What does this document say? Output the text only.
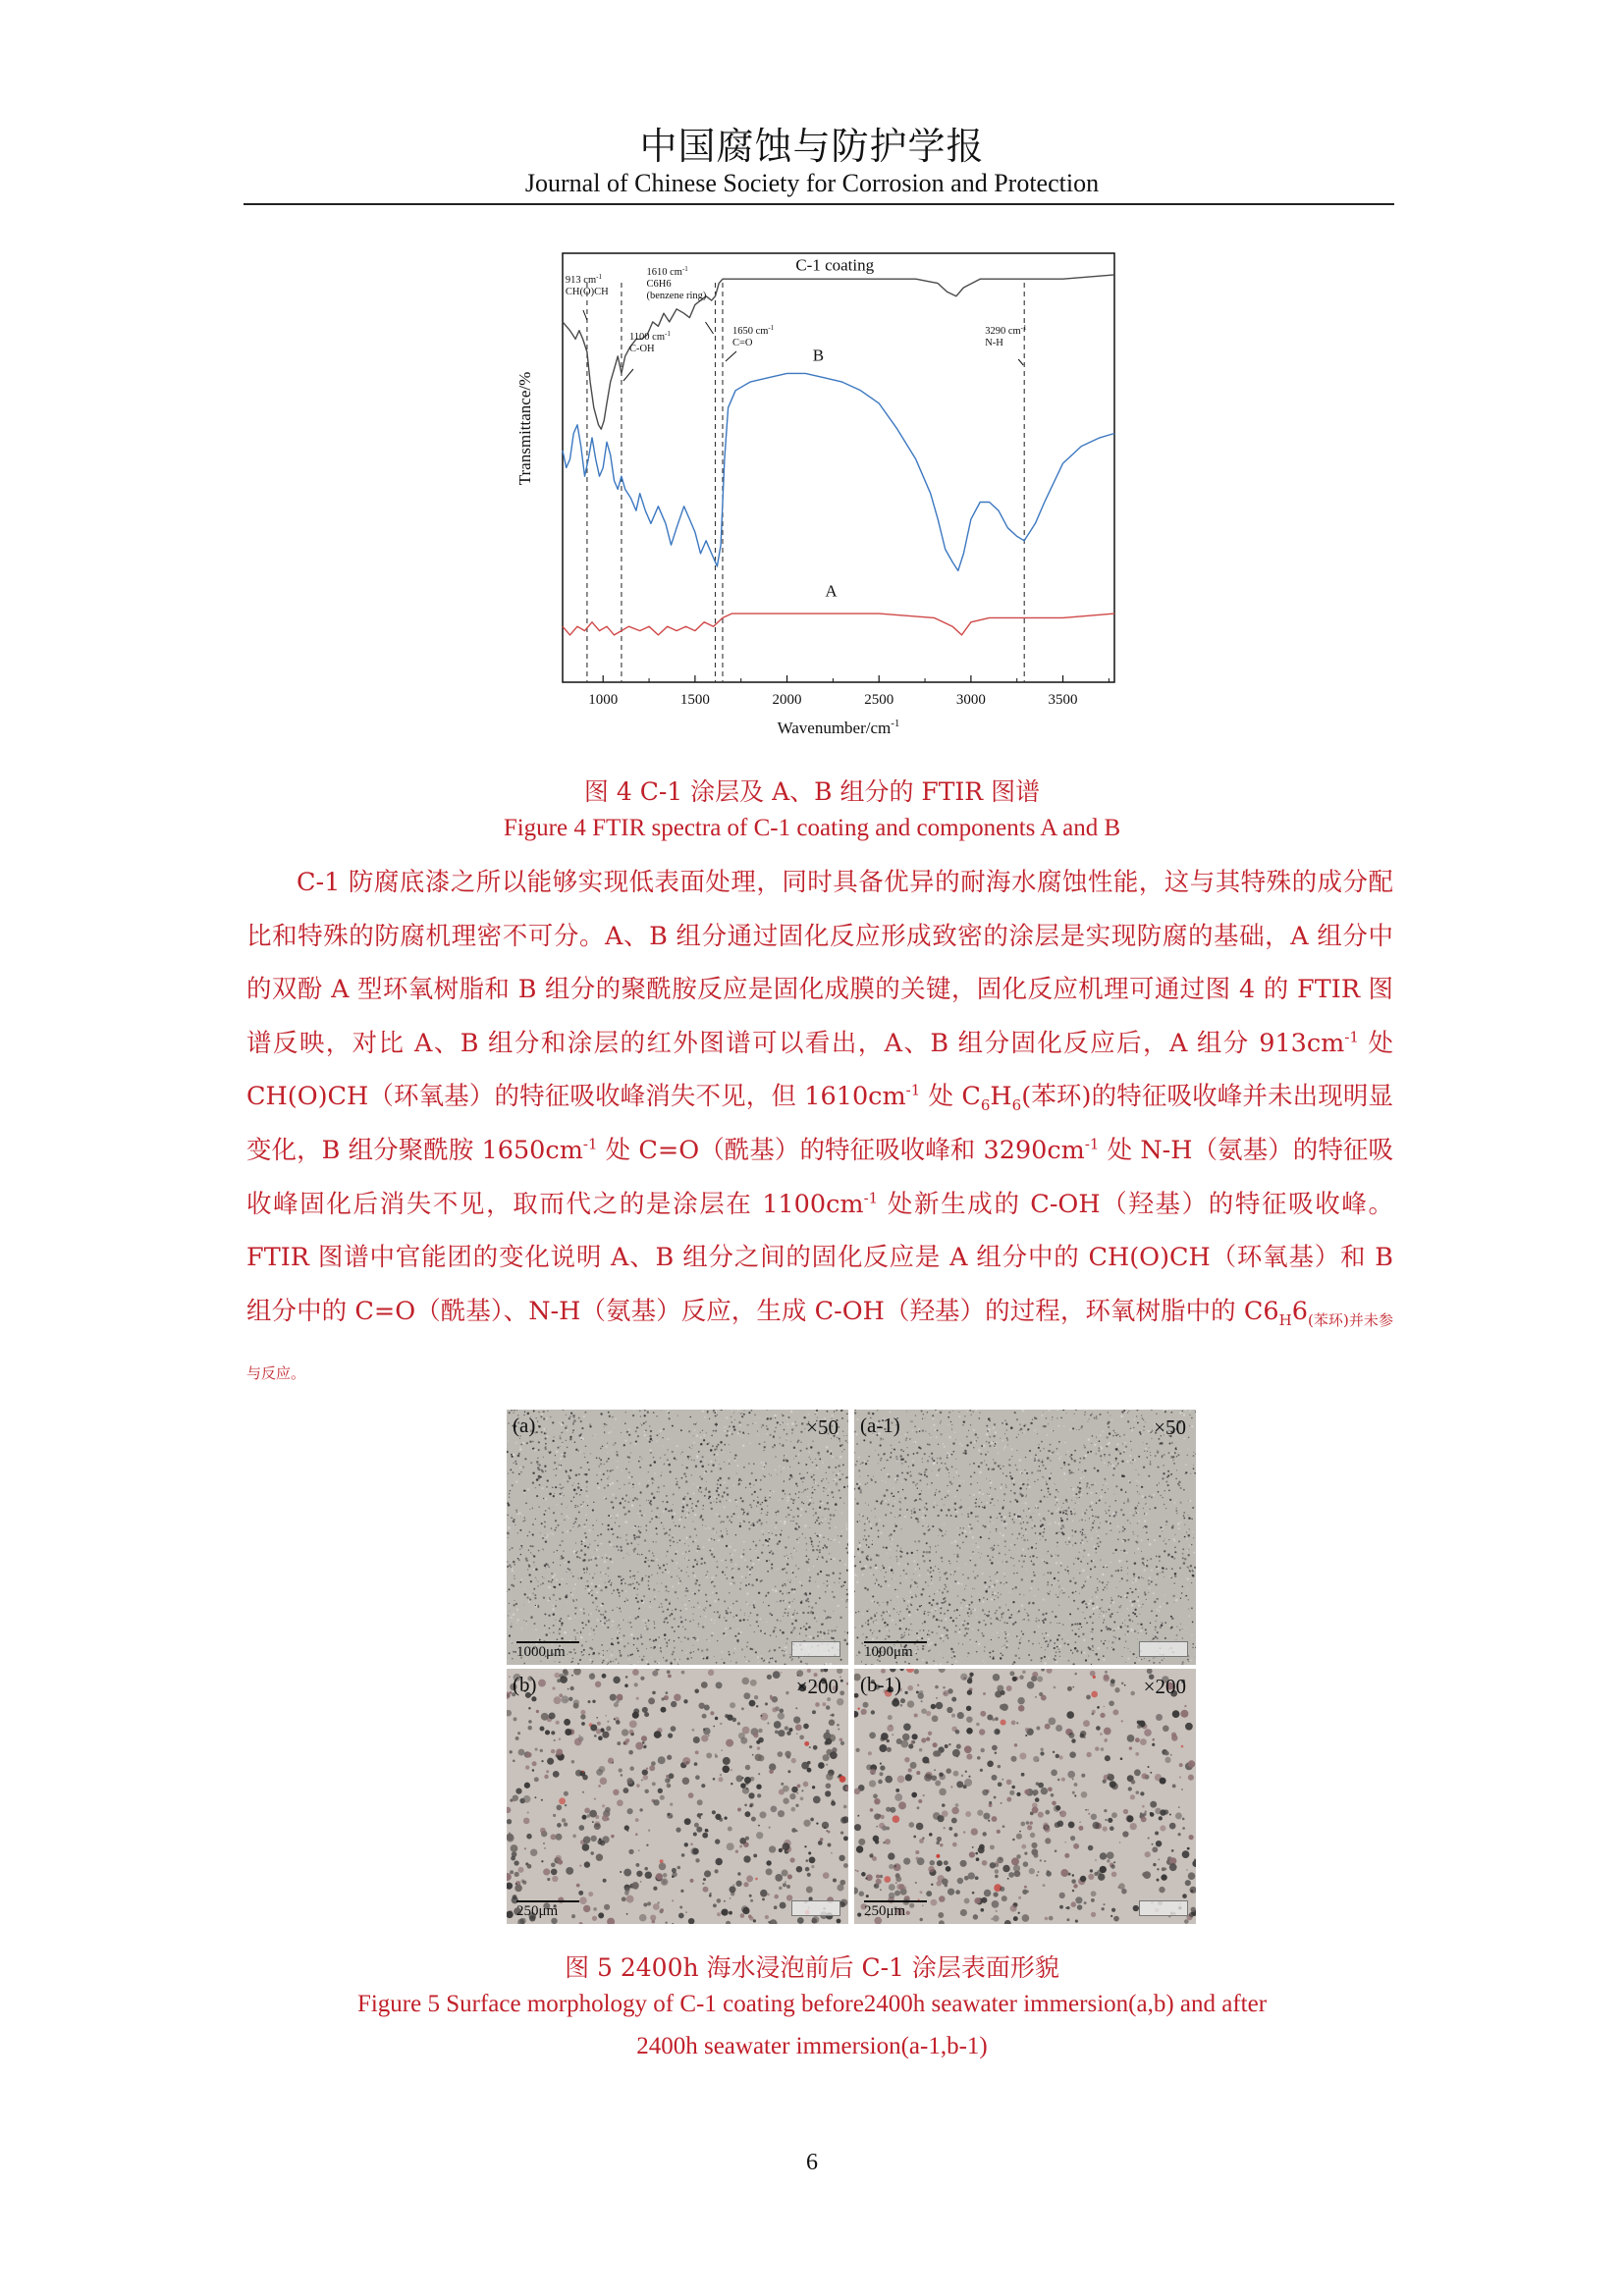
中国腐蚀与防护学报
Journal of Chinese Society for Corrosion and Protection
1000	1500	2000	2500	3000	3500
Wavenumber/$cm^{-1}$
Transmittance/%
C-1 coating
B
A
913 $cm^{-1}$
CH(O)CH
1100 $cm^{-1}$
C-OH
1610 $cm^{-1}$
C6H6
(benzene ring)
1650 $cm^{-1}$
C=O
3290 $cm^{-1}$
N-H
图 4 C-1 涂层及 A、B 组分的 FTIR 图谱
Figure 4 FTIR spectra of C-1 coating and components A and B

C-1 防腐底漆之所以能够实现低表面处理，同时具备优异的耐海水腐蚀性能，这与其特殊的成分配比和特殊的防腐机理密不可分。A、B 组分通过固化反应形成致密的涂层是实现防腐的基础，A 组分中的双酚 A 型环氧树脂和 B 组分的聚酰胺反应是固化成膜的关键，固化反应机理可通过图 4 的 FTIR 图谱反映，对比 A、B 组分和涂层的红外图谱可以看出，A、B 组分固化反应后，A 组分 $913cm^{-1}$ 处 CH(O)CH（环氧基）的特征吸收峰消失不见，但 $1610cm^{-1}$ 处 $C_6H_6$(苯环)的特征吸收峰并未出现明显变化，B 组分聚酰胺 $1650cm^{-1}$ 处 C=O（酰基）的特征吸收峰和 $3290cm^{-1}$ 处 N-H（氨基）的特征吸收峰固化后消失不见，取而代之的是涂层在 $1100cm^{-1}$ 处新生成的 C-OH（羟基）的特征吸收峰。FTIR 图谱中官能团的变化说明 A、B 组分之间的固化反应是 A 组分中的 CH(O)CH（环氧基）和 B 组分中的 C=O（酰基）、N-H（氨基）反应，生成 C-OH（羟基）的过程，环氧树脂中的 $C6_H6_{(苯环)并未参与反应。}$

(a)	×50
1000μm
(a-1)	×50
1000μm
(b)	×200
250μm
(b-1)	×200
250μm
图 5 2400h 海水浸泡前后 C-1 涂层表面形貌
Figure 5 Surface morphology of C-1 coating before2400h seawater immersion(a,b) and after
2400h seawater immersion(a-1,b-1)
6
